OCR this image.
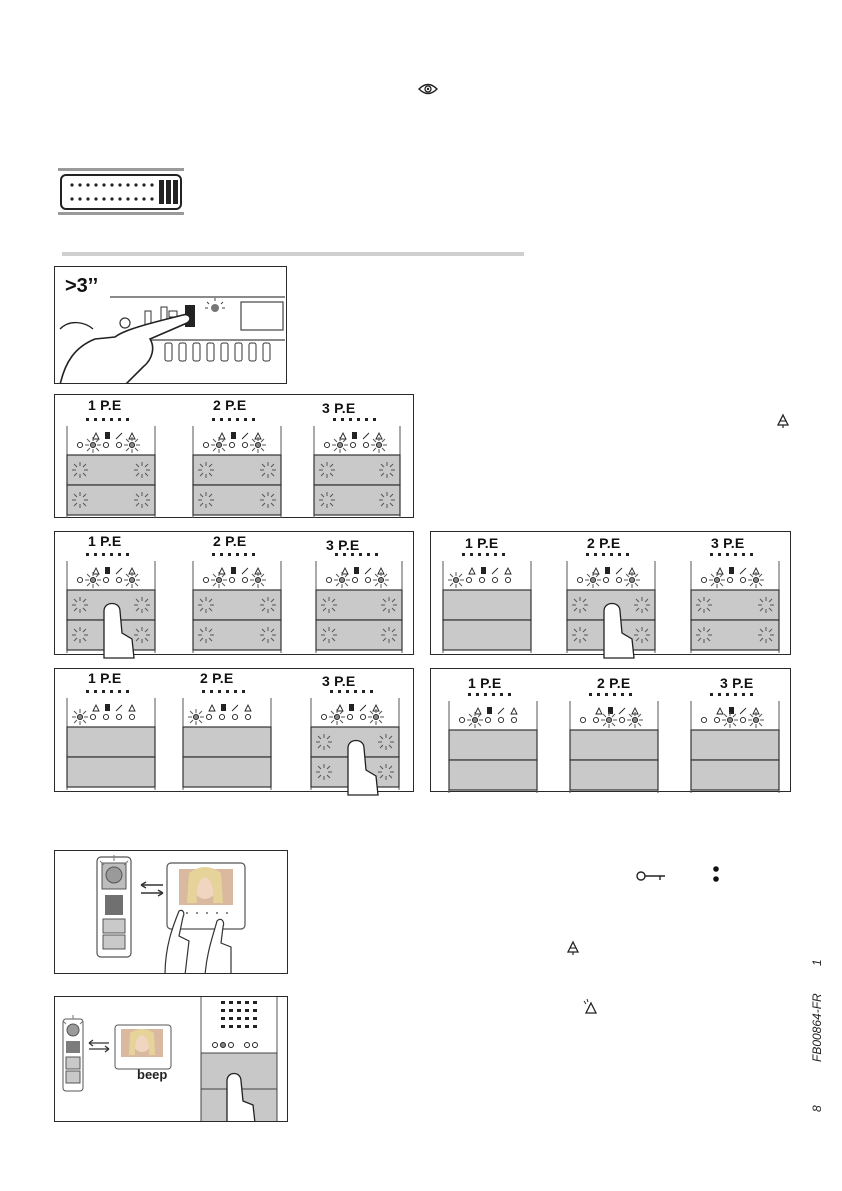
>3’’
1 P.E	2 P.E	3 P.E
1 P.E	2 P.E	3 P.E	1 P.E	2 P.E	3 P.E
1 P.E	2 P.E	3 P.E	1 P.E	2 P.E	3 P.E
beep
8
FB00864-FR
1
